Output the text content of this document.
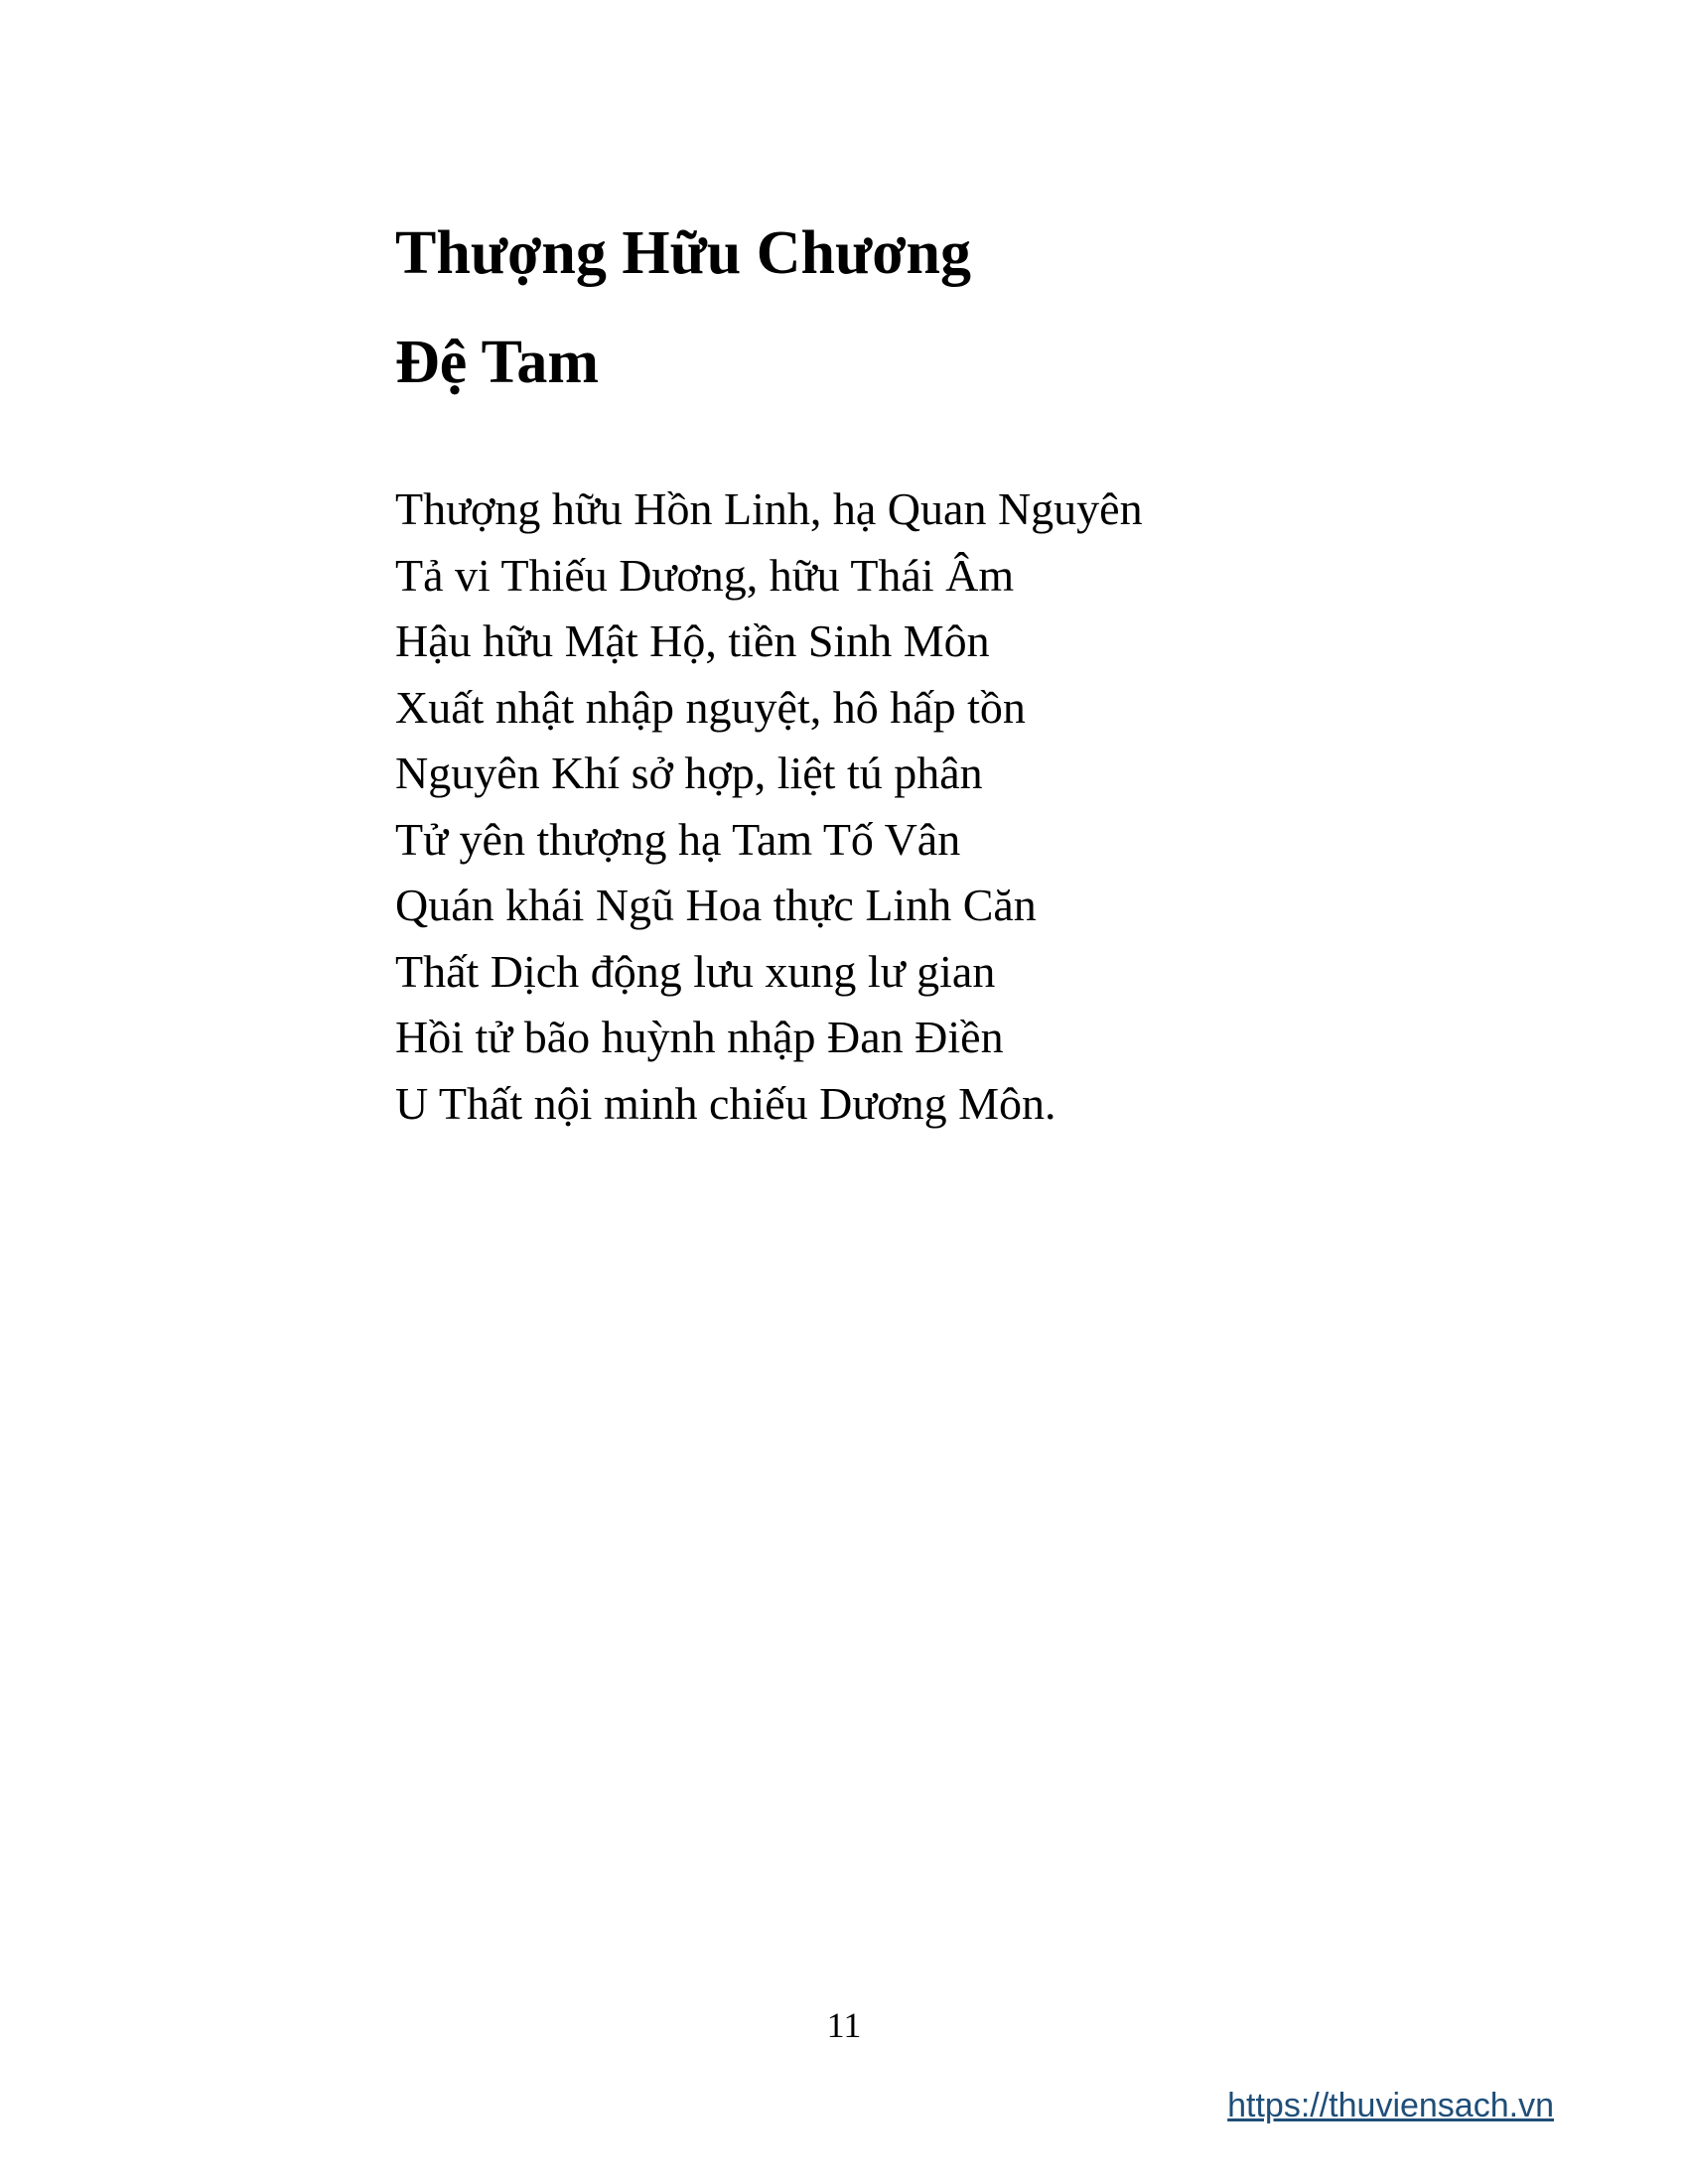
Thượng Hữu Chương
Đệ Tam

Thượng hữu Hồn Linh, hạ Quan Nguyên

Tả vi Thiếu Dương, hữu Thái Âm

Hậu hữu Mật Hộ, tiền Sinh Môn

Xuất nhật nhập nguyệt, hô hấp tồn

Nguyên Khí sở hợp, liệt tú phân

Tử yên thượng hạ Tam Tố Vân

Quán khái Ngũ Hoa thực Linh Căn

Thất Dịch động lưu xung lư gian

Hồi tử bão huỳnh nhập Đan Điền

U Thất nội minh chiếu Dương Môn.

11
https://thuviensach.vn
